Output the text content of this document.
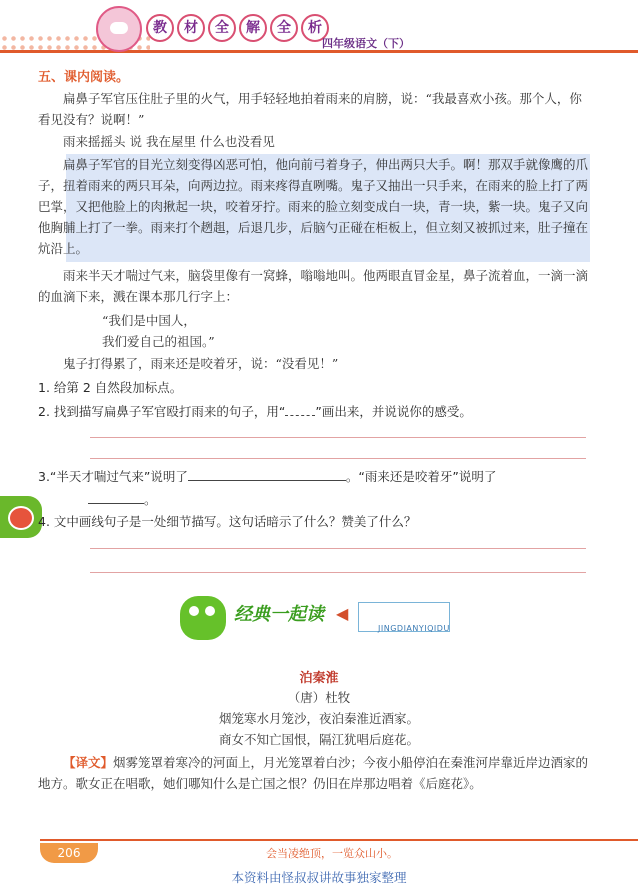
教	材	全	解	全	析
四年级语文（下）
五、课内阅读。

扁鼻子军官压住肚子里的火气，用手轻轻地拍着雨来的肩膀，说：“我最喜欢小孩。那个人，你看见没有？说啊！”

雨来摇摇头 说 我在屋里 什么也没看见

扁鼻子军官的目光立刻变得凶恶可怕，他向前弓着身子，伸出两只大手。啊！那双手就像鹰的爪子，扭着雨来的两只耳朵，向两边拉。雨来疼得直咧嘴。鬼子又抽出一只手来，在雨来的脸上打了两巴掌，又把他脸上的肉揪起一块，咬着牙拧。雨来的脸立刻变成白一块，青一块，紫一块。鬼子又向他胸脯上打了一拳。雨来打个趔趄，后退几步，后脑勺正碰在柜板上，但立刻又被抓过来，肚子撞在炕沿上。

雨来半天才喘过气来，脑袋里像有一窝蜂，嗡嗡地叫。他两眼直冒金星，鼻子流着血，一滴一滴的血滴下来，溅在课本那几行字上：

“我们是中国人，

我们爱自己的祖国。”

鬼子打得累了，雨来还是咬着牙，说：“没看见！”

1. 给第 2 自然段加标点。
2. 找到描写扁鼻子军官殴打雨来的句子，用“ ”画出来，并说说你的感受。
3.“半天才喘过气来”说明了	。“雨来还是咬着牙”说明了
。
4. 文中画线句子是一处细节描写。这句话暗示了什么？赞美了什么？
经典一起读 ◀
JINGDIANYIQIDU
泊秦淮
（唐）杜牧
烟笼寒水月笼沙，夜泊秦淮近酒家。
商女不知亡国恨，隔江犹唱后庭花。

【译文】烟雾笼罩着寒冷的河面上，月光笼罩着白沙；今夜小船停泊在秦淮河岸靠近岸边酒家的地方。歌女正在唱歌，她们哪知什么是亡国之恨？仍旧在岸那边唱着《后庭花》。

206	会当凌绝顶，一览众山小。
本资料由怪叔叔讲故事独家整理
